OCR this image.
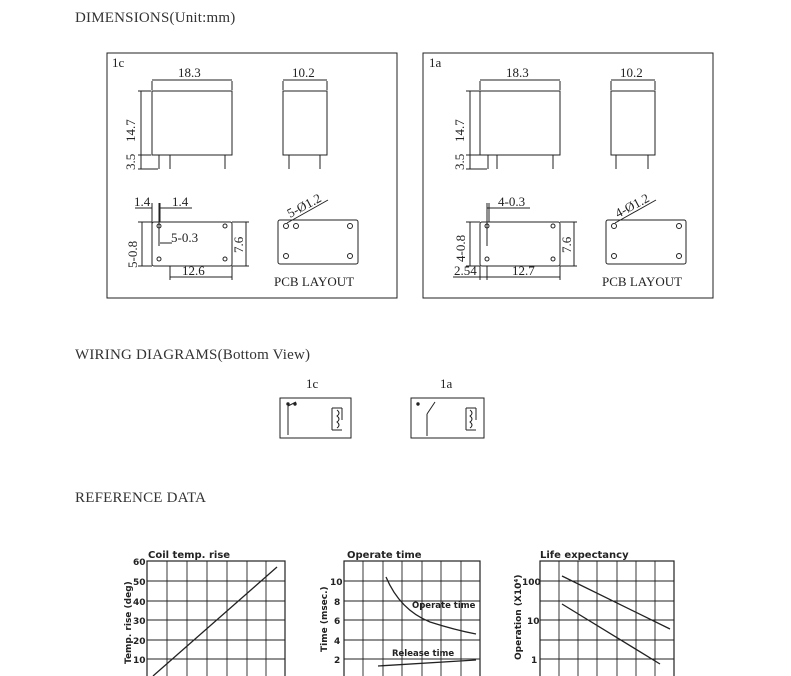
DIMENSIONS(Unit:mm)
WIRING DIAGRAMS(Bottom View)
REFERENCE DATA
1c
18.3
14.7
3.5
10.2
1.4 1.4
5-0.8
5-0.3	7.6
12.6
5-Ø1.2
PCB LAYOUT
1a
18.3
14.7
3.5
10.2
4-0.3
4-0.8	7.6
2.54	12.7
4-Ø1.2
PCB LAYOUT
1c	1a
Coil temp. rise
60
50
40
30
20
10
Temp. rise (deg)
Operate time
Operate time
Release time
10
8
6
4
2
Time (msec.)
Life expectancy
100
10
1
Operation (X10⁴)
